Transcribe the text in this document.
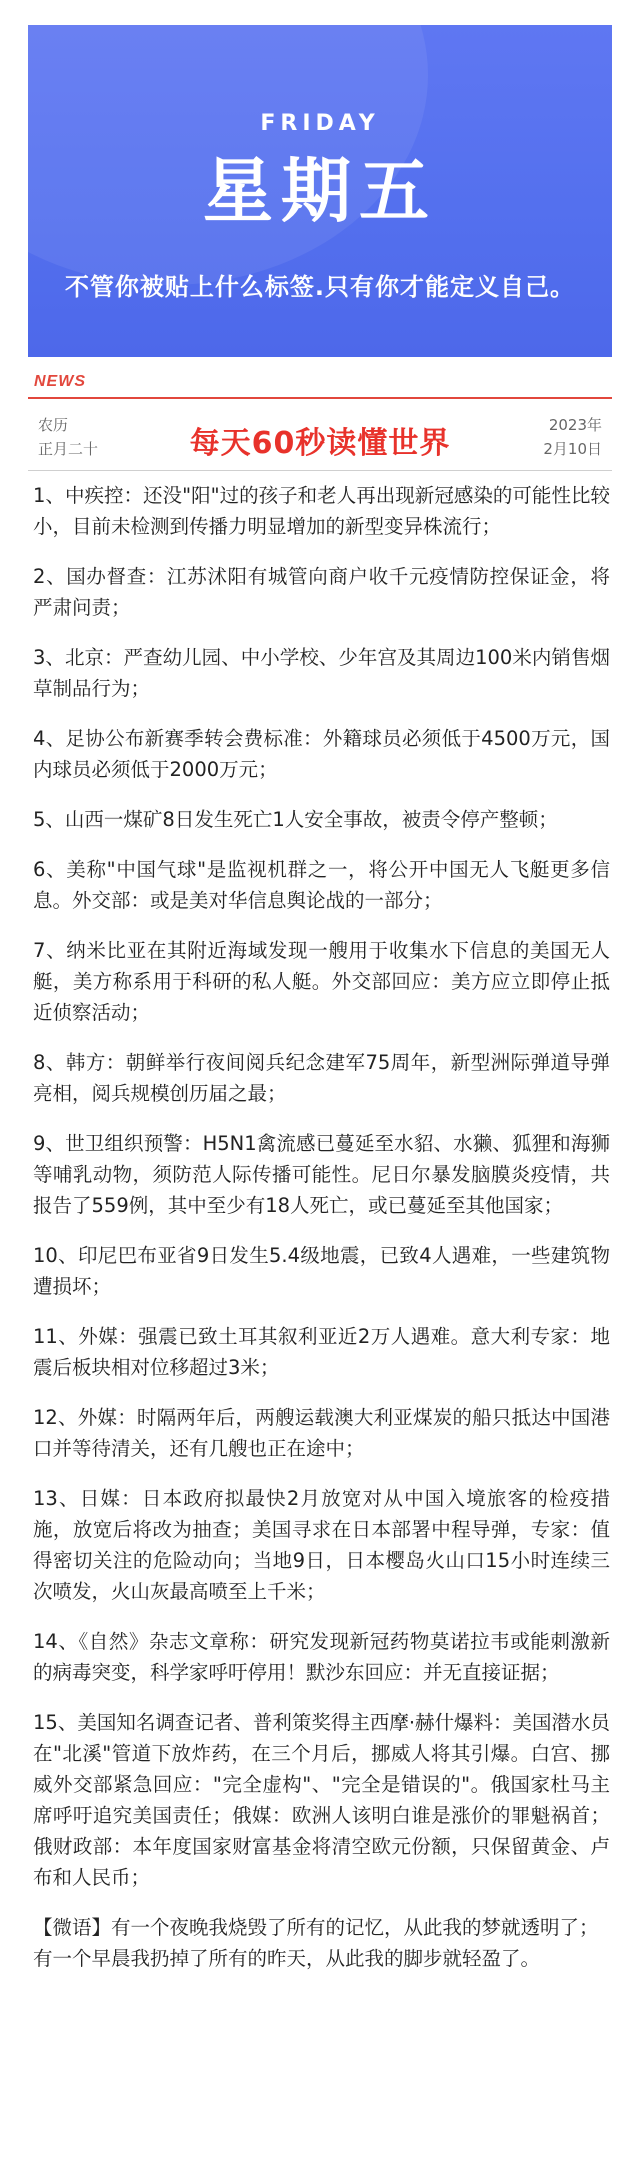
FRIDAY
星期五
不管你被贴上什么标签.只有你才能定义自己。
NEWS
农历
正月二十	每天60秒读懂世界
2023年
2月10日

1、中疾控：还没"阳"过的孩子和老人再出现新冠感染的可能性比较小，目前未检测到传播力明显增加的新型变异株流行；

2、国办督查：江苏沭阳有城管向商户收千元疫情防控保证金，将严肃问责；

3、北京：严查幼儿园、中小学校、少年宫及其周边100米内销售烟草制品行为；

4、足协公布新赛季转会费标准：外籍球员必须低于4500万元，国内球员必须低于2000万元；

5、山西一煤矿8日发生死亡1人安全事故，被责令停产整顿；

6、美称"中国气球"是监视机群之一，将公开中国无人飞艇更多信息。外交部：或是美对华信息舆论战的一部分；

7、纳米比亚在其附近海域发现一艘用于收集水下信息的美国无人艇，美方称系用于科研的私人艇。外交部回应：美方应立即停止抵近侦察活动；

8、韩方：朝鲜举行夜间阅兵纪念建军75周年，新型洲际弹道导弹亮相，阅兵规模创历届之最；

9、世卫组织预警：H5N1禽流感已蔓延至水貂、水獭、狐狸和海狮等哺乳动物，须防范人际传播可能性。尼日尔暴发脑膜炎疫情，共报告了559例，其中至少有18人死亡，或已蔓延至其他国家；

10、印尼巴布亚省9日发生5.4级地震，已致4人遇难，一些建筑物遭损坏；

11、外媒：强震已致土耳其叙利亚近2万人遇难。意大利专家：地震后板块相对位移超过3米；

12、外媒：时隔两年后，两艘运载澳大利亚煤炭的船只抵达中国港口并等待清关，还有几艘也正在途中；

13、日媒：日本政府拟最快2月放宽对从中国入境旅客的检疫措施，放宽后将改为抽查；美国寻求在日本部署中程导弹，专家：值得密切关注的危险动向；当地9日，日本樱岛火山口15小时连续三次喷发，火山灰最高喷至上千米；

14、《自然》杂志文章称：研究发现新冠药物莫诺拉韦或能刺激新的病毒突变，科学家呼吁停用！默沙东回应：并无直接证据；

15、美国知名调查记者、普利策奖得主西摩·赫什爆料：美国潜水员在"北溪"管道下放炸药，在三个月后，挪威人将其引爆。白宫、挪威外交部紧急回应："完全虚构"、"完全是错误的"。俄国家杜马主席呼吁追究美国责任；俄媒：欧洲人该明白谁是涨价的罪魁祸首；俄财政部：本年度国家财富基金将清空欧元份额，只保留黄金、卢布和人民币；

【微语】有一个夜晚我烧毁了所有的记忆，从此我的梦就透明了；有一个早晨我扔掉了所有的昨天，从此我的脚步就轻盈了。
